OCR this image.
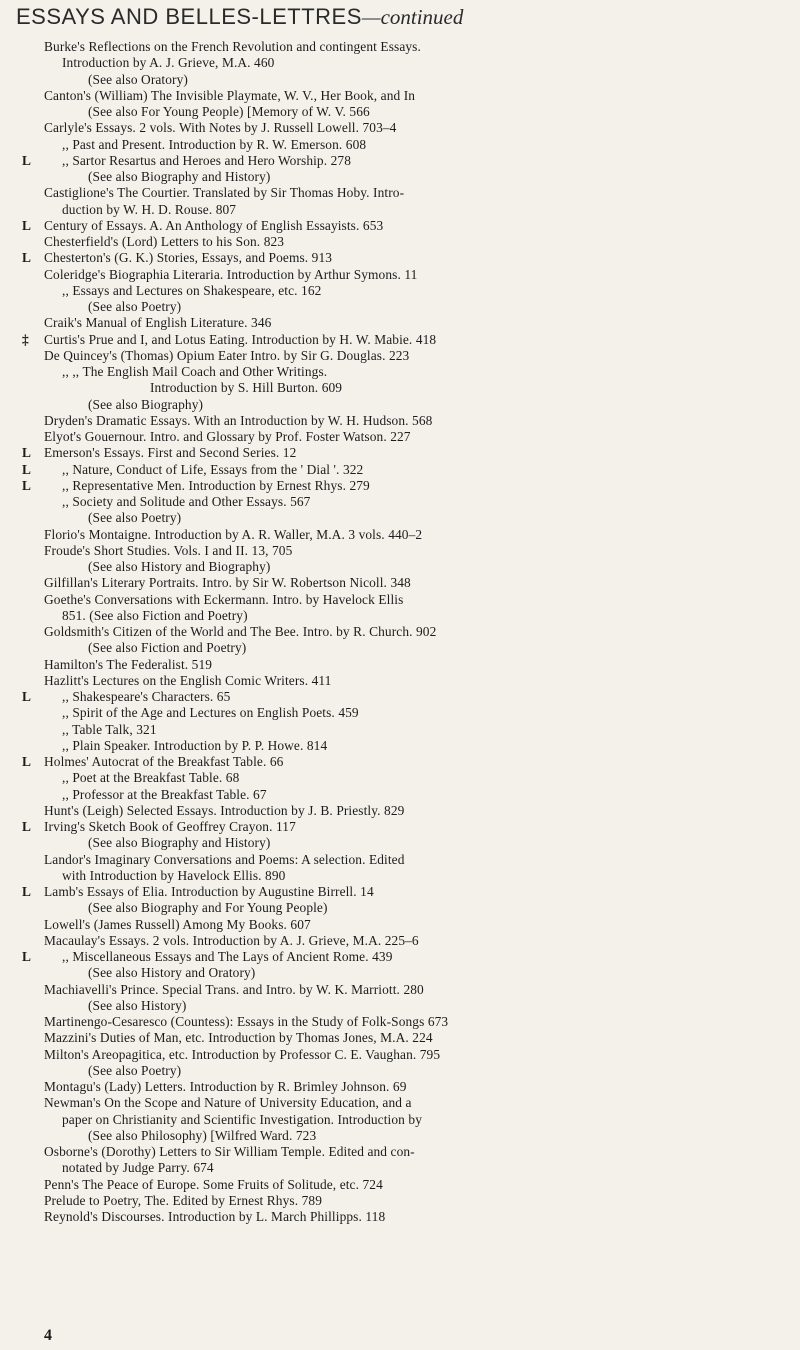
ESSAYS AND BELLES-LETTRES—continued
Burke's Reflections on the French Revolution and contingent Essays.
Introduction by A. J. Grieve, M.A. 460
(See also Oratory)
Canton's (William) The Invisible Playmate, W. V., Her Book, and In
(See also For Young People) [Memory of W. V. 566
Carlyle's Essays. 2 vols. With Notes by J. Russell Lowell. 703–4
,, Past and Present. Introduction by R. W. Emerson. 608
L	,, Sartor Resartus and Heroes and Hero Worship. 278
(See also Biography and History)
Castiglione's The Courtier. Translated by Sir Thomas Hoby. Intro-
duction by W. H. D. Rouse. 807
L Century of Essays. A. An Anthology of English Essayists. 653
Chesterfield's (Lord) Letters to his Son. 823
L Chesterton's (G. K.) Stories, Essays, and Poems. 913
Coleridge's Biographia Literaria. Introduction by Arthur Symons. 11
,, Essays and Lectures on Shakespeare, etc. 162
(See also Poetry)
Craik's Manual of English Literature. 346
‡	Curtis's Prue and I, and Lotus Eating. Introduction by H. W. Mabie. 418
De Quincey's (Thomas) Opium Eater Intro. by Sir G. Douglas. 223
,, ,, The English Mail Coach and Other Writings.
Introduction by S. Hill Burton. 609
(See also Biography)
Dryden's Dramatic Essays. With an Introduction by W. H. Hudson. 568
Elyot's Gouernour. Intro. and Glossary by Prof. Foster Watson. 227
L Emerson's Essays. First and Second Series. 12
L	,, Nature, Conduct of Life, Essays from the ' Dial '. 322
L	,, Representative Men. Introduction by Ernest Rhys. 279
,, Society and Solitude and Other Essays. 567
(See also Poetry)
Florio's Montaigne. Introduction by A. R. Waller, M.A. 3 vols. 440–2
Froude's Short Studies. Vols. I and II. 13, 705
(See also History and Biography)
Gilfillan's Literary Portraits. Intro. by Sir W. Robertson Nicoll. 348
Goethe's Conversations with Eckermann. Intro. by Havelock Ellis
851. (See also Fiction and Poetry)
Goldsmith's Citizen of the World and The Bee. Intro. by R. Church. 902
(See also Fiction and Poetry)
Hamilton's The Federalist. 519
Hazlitt's Lectures on the English Comic Writers. 411
L	,, Shakespeare's Characters. 65
,, Spirit of the Age and Lectures on English Poets. 459
,, Table Talk, 321
,, Plain Speaker. Introduction by P. P. Howe. 814
L Holmes' Autocrat of the Breakfast Table. 66
,, Poet at the Breakfast Table. 68
,, Professor at the Breakfast Table. 67
Hunt's (Leigh) Selected Essays. Introduction by J. B. Priestly. 829
L Irving's Sketch Book of Geoffrey Crayon. 117
(See also Biography and History)
Landor's Imaginary Conversations and Poems: A selection. Edited
with Introduction by Havelock Ellis. 890
L Lamb's Essays of Elia. Introduction by Augustine Birrell. 14
(See also Biography and For Young People)
Lowell's (James Russell) Among My Books. 607
Macaulay's Essays. 2 vols. Introduction by A. J. Grieve, M.A. 225–6
L	,, Miscellaneous Essays and The Lays of Ancient Rome. 439
(See also History and Oratory)
Machiavelli's Prince. Special Trans. and Intro. by W. K. Marriott. 280
(See also History)
Martinengo-Cesaresco (Countess): Essays in the Study of Folk-Songs 673
Mazzini's Duties of Man, etc. Introduction by Thomas Jones, M.A. 224
Milton's Areopagitica, etc. Introduction by Professor C. E. Vaughan. 795
(See also Poetry)
Montagu's (Lady) Letters. Introduction by R. Brimley Johnson. 69
Newman's On the Scope and Nature of University Education, and a
paper on Christianity and Scientific Investigation. Introduction by
(See also Philosophy) [Wilfred Ward. 723
Osborne's (Dorothy) Letters to Sir William Temple. Edited and con-
notated by Judge Parry. 674
Penn's The Peace of Europe. Some Fruits of Solitude, etc. 724
Prelude to Poetry, The. Edited by Ernest Rhys. 789
Reynold's Discourses. Introduction by L. March Phillipps. 118
4
